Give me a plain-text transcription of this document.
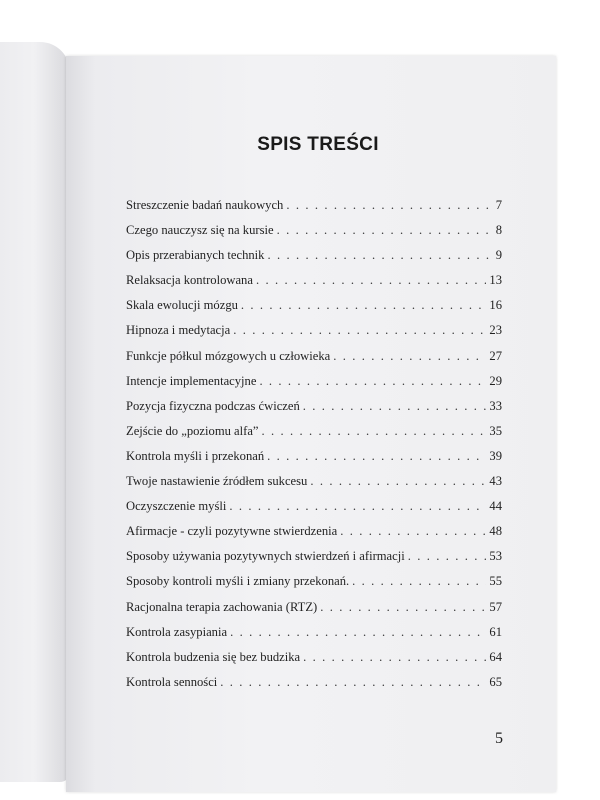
SPIS TREŚCI
Streszczenie badań naukowych . . .	7
Czego nauczysz się na kursie . . .	8
Opis przerabianych technik . . .	9
Relaksacja kontrolowana . . .	13
Skala ewolucji mózgu . . .	16
Hipnoza i medytacja . . .	23
Funkcje półkul mózgowych u człowieka . . .	27
Intencje implementacyjne . . .	29
Pozycja fizyczna podczas ćwiczeń . . .	33
Zejście do „poziomu alfa” . . .	35
Kontrola myśli i przekonań . . .	39
Twoje nastawienie źródłem sukcesu . . .	43
Oczyszczenie myśli . . .	44
Afirmacje - czyli pozytywne stwierdzenia . . .	48
Sposoby używania pozytywnych stwierdzeń i afirmacji . . .	53
Sposoby kontroli myśli i zmiany przekonań. . . .	55
Racjonalna terapia zachowania (RTZ) . . .	57
Kontrola zasypiania . . .	61
Kontrola budzenia się bez budzika . . .	64
Kontrola senności . . .	65
5
